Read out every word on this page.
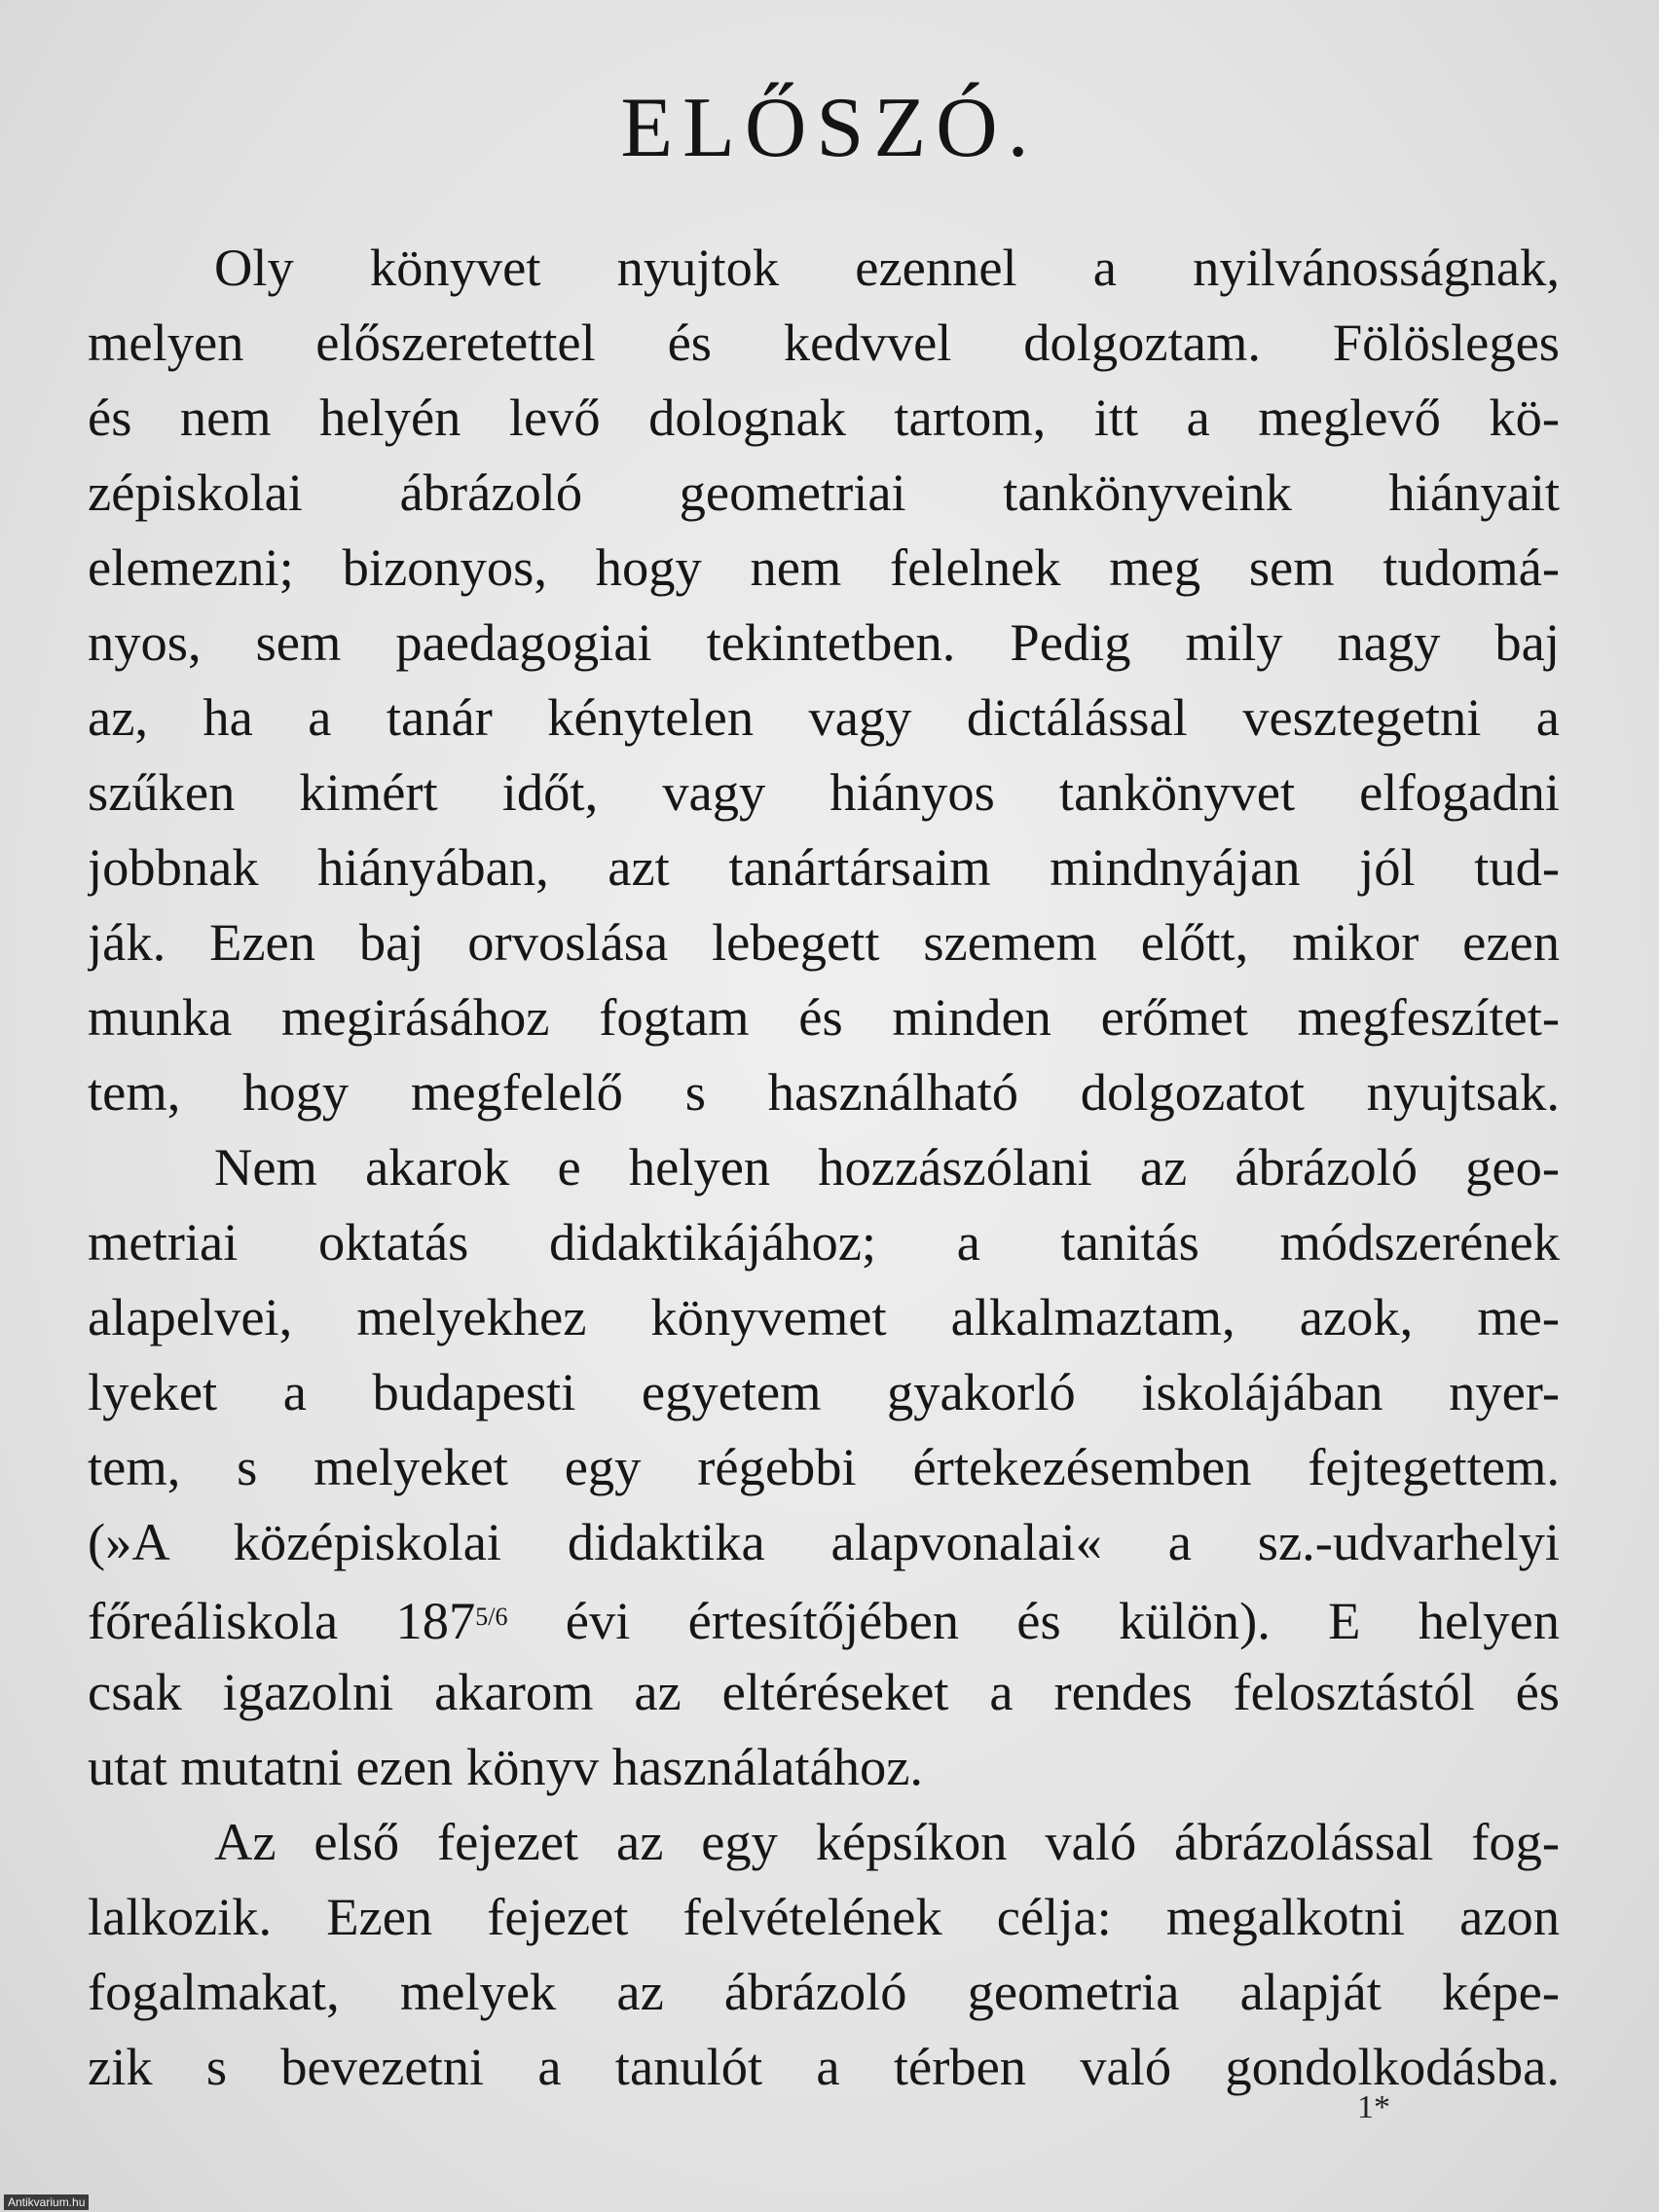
ELŐSZÓ.
Oly könyvet nyujtok ezennel a nyilvánosságnak,
melyen előszeretettel és kedvvel dolgoztam. Fölösleges
és nem helyén levő dolognak tartom, itt a meglevő kö-
zépiskolai ábrázoló geometriai tankönyveink hiányait
elemezni; bizonyos, hogy nem felelnek meg sem tudomá-
nyos, sem paedagogiai tekintetben. Pedig mily nagy baj
az, ha a tanár kénytelen vagy dictálással vesztegetni a
szűken kimért időt, vagy hiányos tankönyvet elfogadni
jobbnak hiányában, azt tanártársaim mindnyájan jól tud-
ják. Ezen baj orvoslása lebegett szemem előtt, mikor ezen
munka megirásához fogtam és minden erőmet megfeszítet-
tem, hogy megfelelő s használható dolgozatot nyujtsak.
Nem akarok e helyen hozzászólani az ábrázoló geo-
metriai oktatás didaktikájához; a tanitás módszerének
alapelvei, melyekhez könyvemet alkalmaztam, azok, me-
lyeket a budapesti egyetem gyakorló iskolájában nyer-
tem, s melyeket egy régebbi értekezésemben fejtegettem.
(»A középiskolai didaktika alapvonalai« a sz.-udvarhelyi
főreáliskola $187^{5/6}$ évi értesítőjében és külön). E helyen
csak igazolni akarom az eltéréseket a rendes felosztástól és
utat mutatni ezen könyv használatához.
Az első fejezet az egy képsíkon való ábrázolással fog-
lalkozik. Ezen fejezet felvételének célja: megalkotni azon
fogalmakat, melyek az ábrázoló geometria alapját képe-
zik s bevezetni a tanulót a térben való gondolkodásba.
1*
Antikvarium.hu
